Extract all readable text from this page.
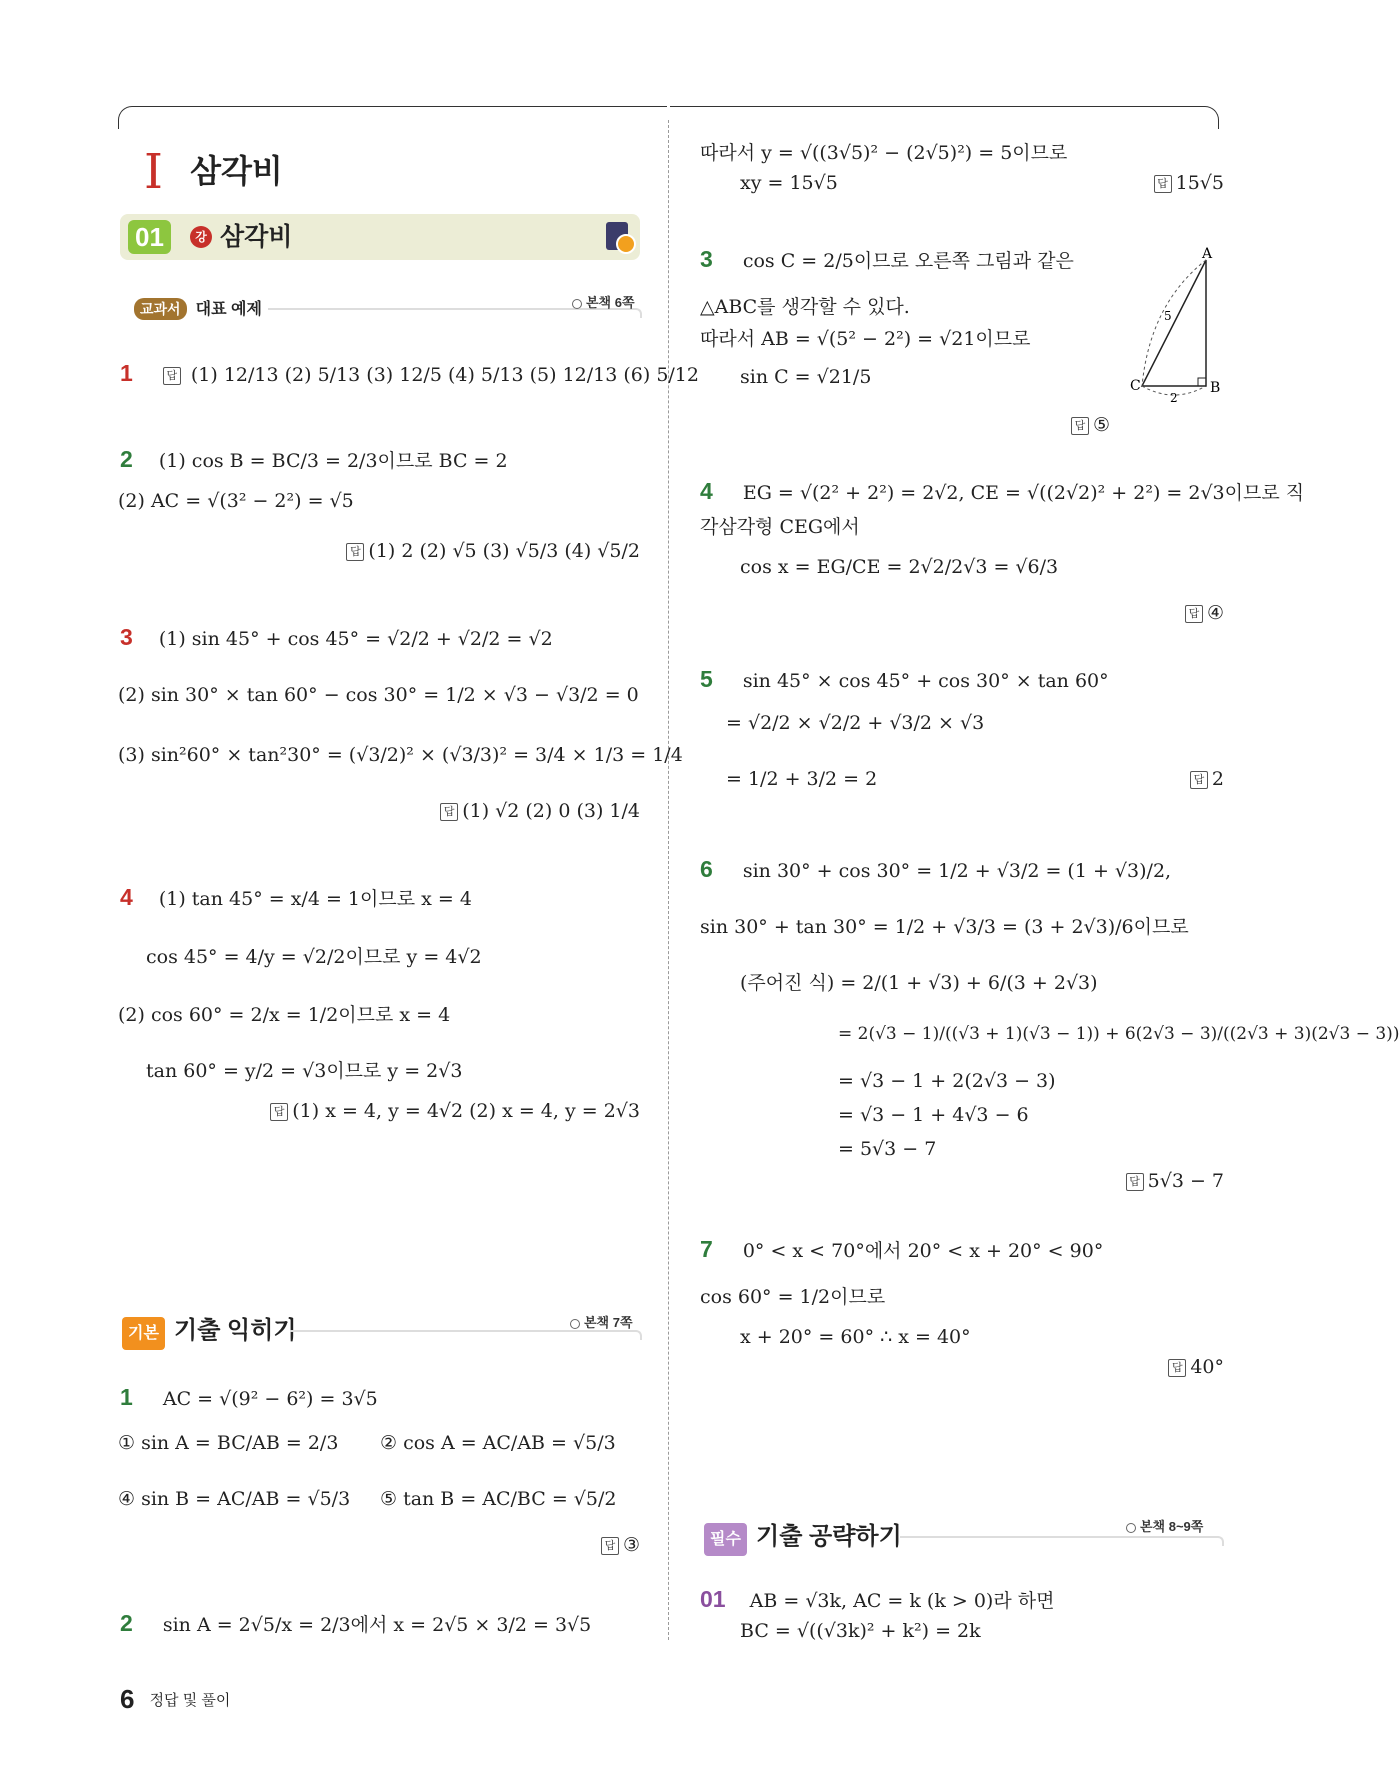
I 삼각비
01	강 삼각비
교과서 대표 예제	본책 6쪽
1	답 (1) 12/13 (2) 5/13 (3) 12/5 (4) 5/13 (5) 12/13 (6) 5/12
2 (1) cos B = BC/3 = 2/3이므로 BC = 2
(2) AC = √(3² − 2²) = √5
답 (1) 2 (2) √5 (3) √5/3 (4) √5/2
3 (1) sin 45° + cos 45° = √2/2 + √2/2 = √2
(2) sin 30° × tan 60° − cos 30° = 1/2 × √3 − √3/2 = 0
(3) sin²60° × tan²30° = (√3/2)² × (√3/3)² = 3/4 × 1/3 = 1/4
답 (1) √2 (2) 0 (3) 1/4
4 (1) tan 45° = x/4 = 1이므로 x = 4
cos 45° = 4/y = √2/2이므로 y = 4√2
(2) cos 60° = 2/x = 1/2이므로 x = 4
tan 60° = y/2 = √3이므로 y = 2√3
답 (1) x = 4, y = 4√2 (2) x = 4, y = 2√3
기본 기출 익히기	본책 7쪽
1 AC = √(9² − 6²) = 3√5
① sin A = BC/AB = 2/3 ② cos A = AC/AB = √5/3
④ sin B = AC/AB = √5/3 ⑤ tan B = AC/BC = √5/2
답 ③
2 sin A = 2√5/x = 2/3에서 x = 2√5 × 3/2 = 3√5
따라서 y = √((3√5)² − (2√5)²) = 5이므로
xy = 15√5	답 15√5
3 cos C = 2/5이므로 오른쪽 그림과 같은
△ABC를 생각할 수 있다.
따라서 AB = √(5² − 2²) = √21이므로
sin C = √21/5
답 ⑤
A
B
C
5
2
4 EG = √(2² + 2²) = 2√2, CE = √((2√2)² + 2²) = 2√3이므로 직
각삼각형 CEG에서
cos x = EG/CE = 2√2/2√3 = √6/3
답 ④
5 sin 45° × cos 45° + cos 30° × tan 60°
= √2/2 × √2/2 + √3/2 × √3
= 1/2 + 3/2 = 2	답 2
6 sin 30° + cos 30° = 1/2 + √3/2 = (1 + √3)/2,
sin 30° + tan 30° = 1/2 + √3/3 = (3 + 2√3)/6이므로
(주어진 식) = 2/(1 + √3) + 6/(3 + 2√3)
= 2(√3 − 1)/((√3 + 1)(√3 − 1)) + 6(2√3 − 3)/((2√3 + 3)(2√3 − 3))
= √3 − 1 + 2(2√3 − 3)
= √3 − 1 + 4√3 − 6
= 5√3 − 7
답 5√3 − 7
7 0° < x < 70°에서 20° < x + 20° < 90°
cos 60° = 1/2이므로
x + 20° = 60° ∴ x = 40°
답 40°
필수 기출 공략하기	본책 8~9쪽
01 AB = √3k, AC = k (k > 0)라 하면
BC = √((√3k)² + k²) = 2k
6 정답 및 풀이
